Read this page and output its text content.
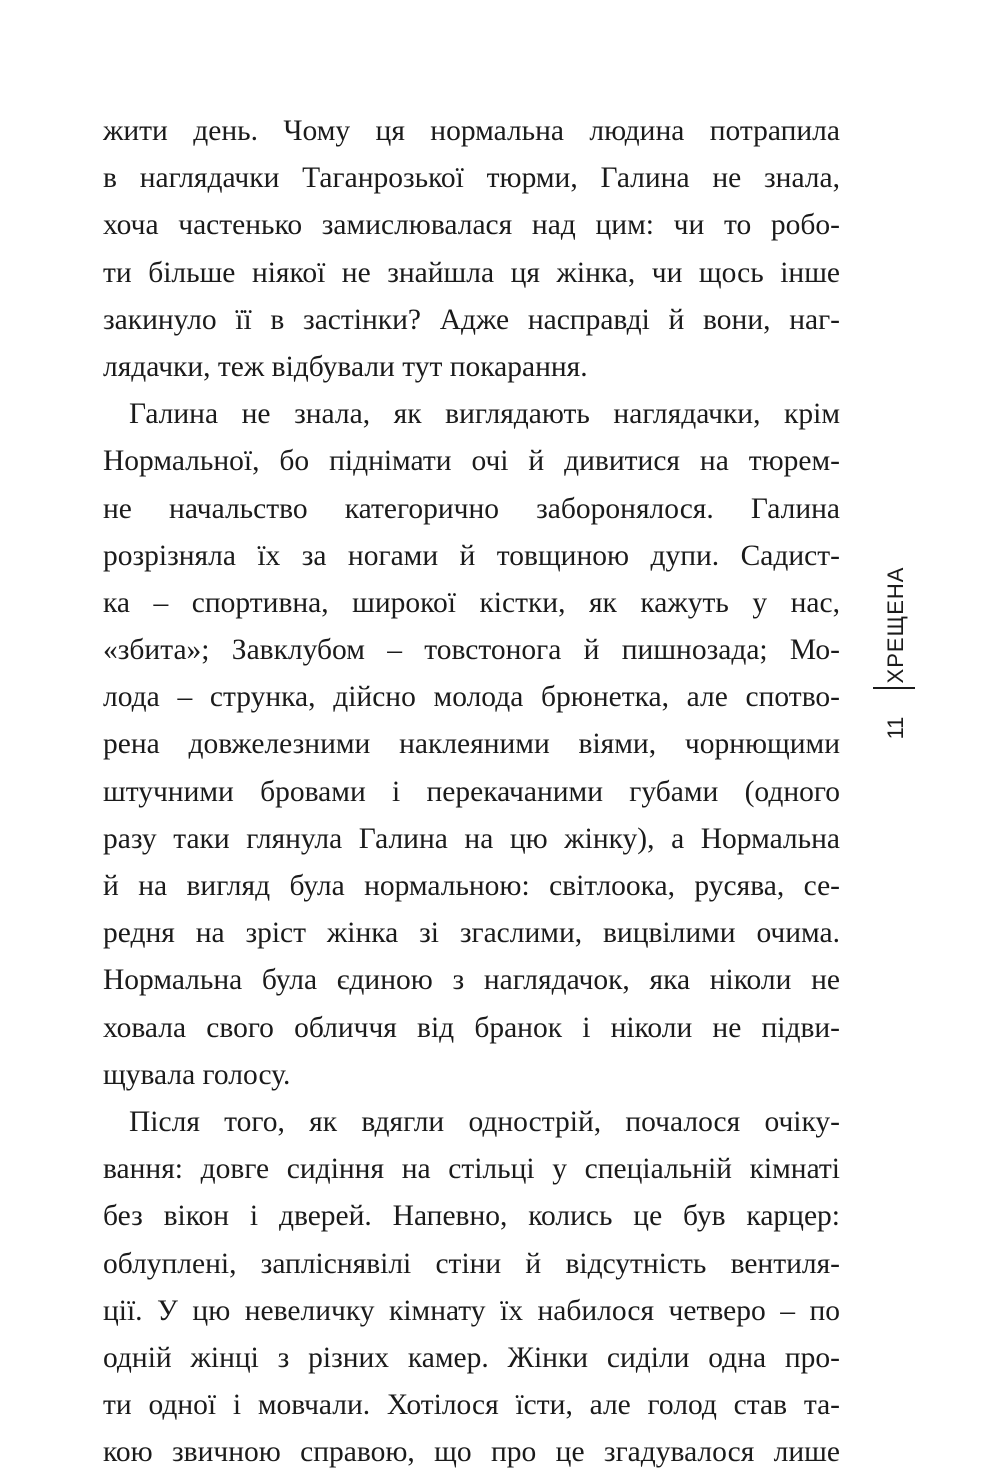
жити день. Чому ця нормальна людина потрапила
в наглядачки Таганрозької тюрми, Галина не знала,
хоча частенько замислювалася над цим: чи то робо-
ти більше ніякої не знайшла ця жінка, чи щось інше
закинуло її в застінки? Адже насправді й вони, наг-
лядачки, теж відбували тут покарання.
Галина не знала, як виглядають наглядачки, крім
Нормальної, бо піднімати очі й дивитися на тюрем-
не начальство категорично заборонялося. Галина
розрізняла їх за ногами й товщиною дупи. Садист-
ка – спортивна, широкої кістки, як кажуть у нас,
«збита»; Завклубом – товстонога й пишнозада; Мо-
лода – струнка, дійсно молода брюнетка, але спотво-
рена довжелезними наклеяними віями, чорнющими
штучними бровами і перекачаними губами (одного
разу таки глянула Галина на цю жінку), а Нормальна
й на вигляд була нормальною: світлоока, русява, се-
редня на зріст жінка зі згаслими, вицвілими очима.
Нормальна була єдиною з наглядачок, яка ніколи не
ховала свого обличчя від бранок і ніколи не підви-
щувала голосу.
Після того, як вдягли однострій, почалося очіку-
вання: довге сидіння на стільці у спеціальній кімнаті
без вікон і дверей. Напевно, колись це був карцер:
облуплені, запліснявілі стіни й відсутність вентиля-
ції. У цю невеличку кімнату їх набилося четверо – по
одній жінці з різних камер. Жінки сиділи одна про-
ти одної і мовчали. Хотілося їсти, але голод став та-
кою звичною справою, що про це згадувалося лише
ХРЕЩЕНА
11
